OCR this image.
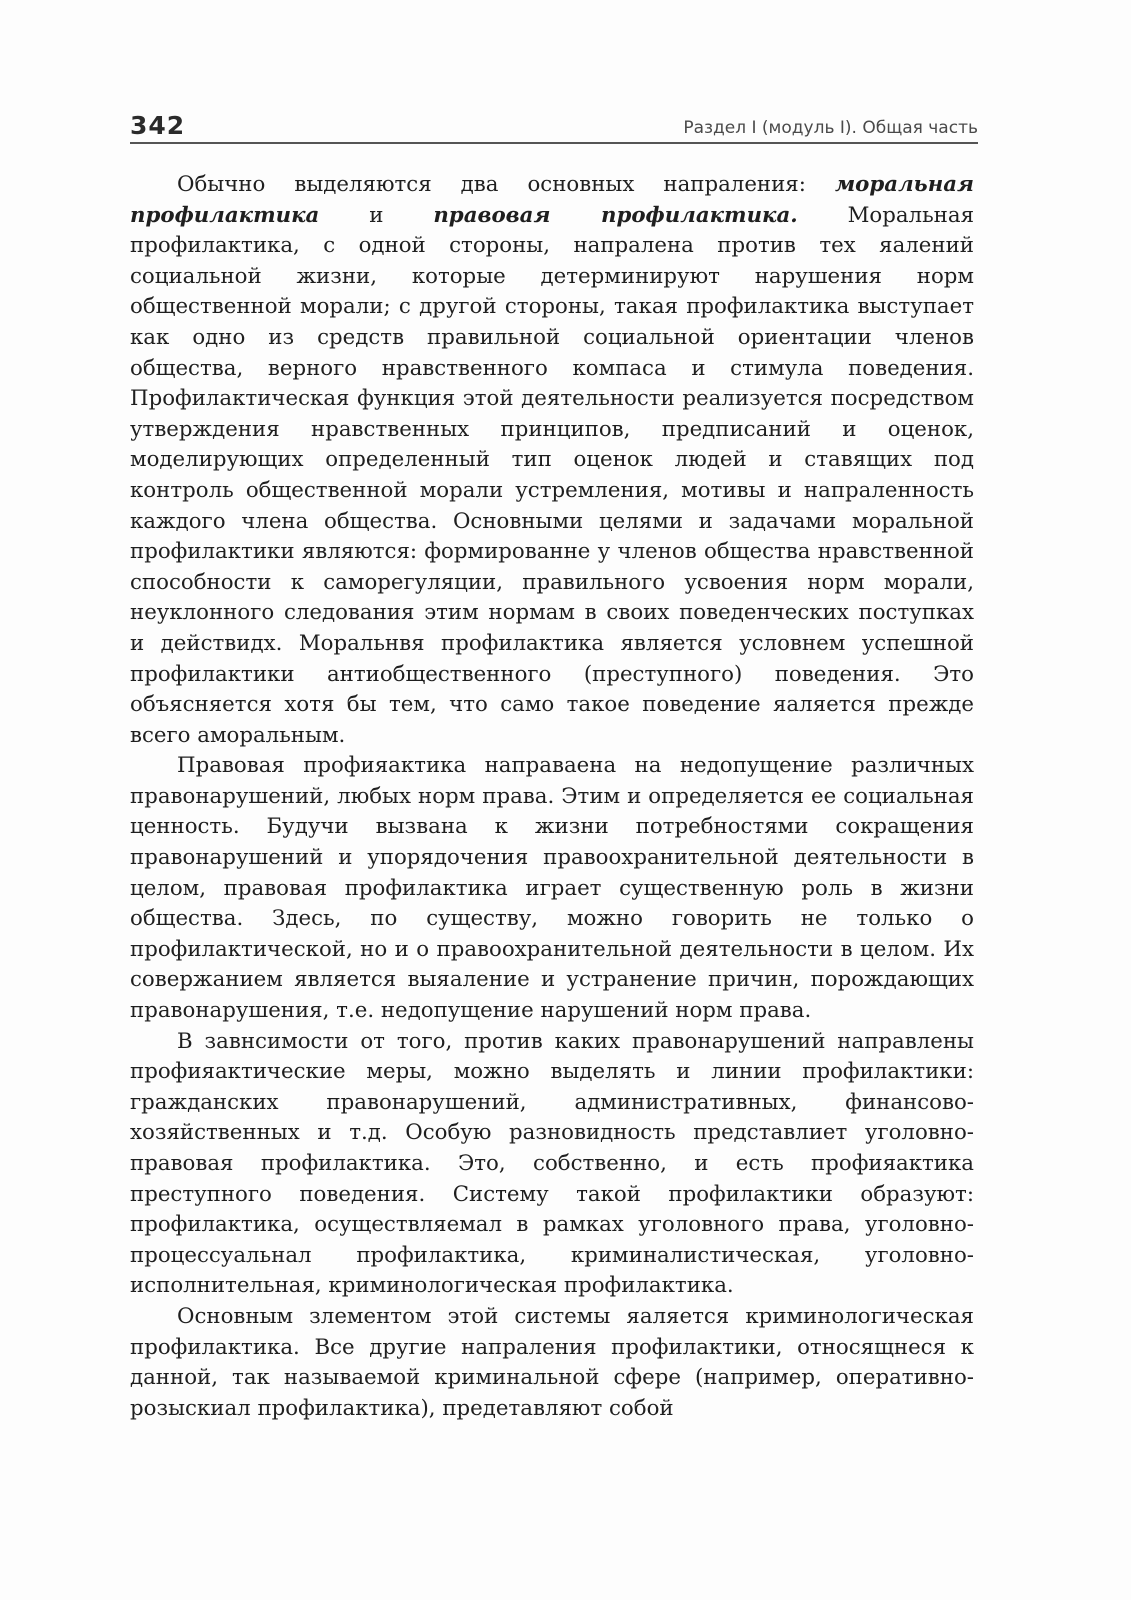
342	Раздел I (модуль I). Общая часть

Обычно выделяются два основных напраления: моральная профилактика и правовая профилактика. Моральная профилактика, с одной стороны, напралена против тех яалений социальной жизни, которые детерминируют нарушения норм общественной морали; с другой стороны, такая профилактика выступает как одно из средств правильной социальной ориентации членов общества, верного нравственного компаса и стимула поведения. Профилактическая функция этой деятельности реализуется посредством утверждения нравственных принципов, предписаний и оценок, моделирующих определенный тип оценок людей и ставящих под контроль общественной морали устремления, мотивы и напраленность каждого члена общества. Основными целями и задачами моральной профилактики являются: формированне у членов общества нравственной способности к саморегуляции, правильного усвоения норм морали, неуклонного следования этим нормам в своих поведенческих поступках и действидх. Моральнвя профилактика является условнем успешной профилактики антиобщественного (преступного) поведения. Это объясняется хотя бы тем, что само такое поведение яаляется прежде всего аморальным.

Правовая профияактика направаена на недопущение различных правонарушений, любых норм права. Этим и определяется ее социальная ценность. Будучи вызвана к жизни потребностями сокращения правонарушений и упорядочения правоохранительной деятельности в целом, правовая профилактика играет существенную роль в жизни общества. Здесь, по существу, можно говорить не только о профилактической, но и о правоохранительной деятельности в целом. Их совержанием является выяаление и устранение причин, порождающих правонарушения, т.е. недопущение нарушений норм права.

В завнсимости от того, против каких правонарушений направлены профияактические меры, можно выделять и линии профилактики: гражданских правонарушений, административных, финансово-хозяйственных и т.д. Особую разновидность представлиет уголовно-правовая профилактика. Это, собственно, и есть профияактика преступного поведения. Систему такой профилактики образуют: профилактика, осуществляемал в рамках уголовного права, уголовно-процессуальнал профилактика, криминалистическая, уголовно-исполнительная, криминологическая профилактика.

Основным злементом этой системы яаляется криминологическая профилактика. Все другие напраления профилактики, относящнеся к данной, так называемой криминальной сфере (например, оперативно-розыскиал профилактика), предетавляют собой
